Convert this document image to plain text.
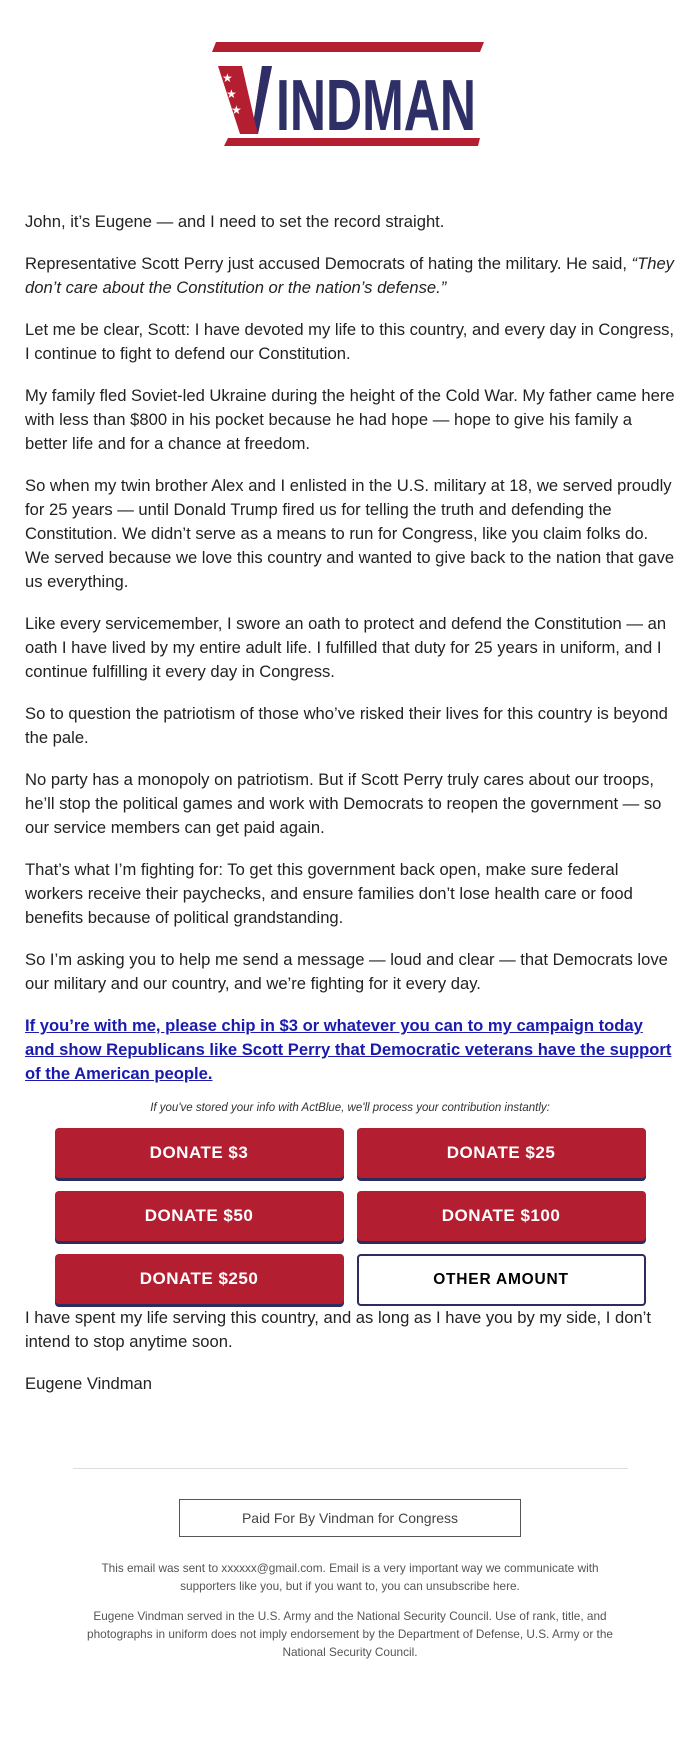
★
★
★ INDMAN

John, it’s Eugene — and I need to set the record straight.

Representative Scott Perry just accused Democrats of hating the military. He said, “They don’t care about the Constitution or the nation’s defense.”

Let me be clear, Scott: I have devoted my life to this country, and every day in Congress, I continue to fight to defend our Constitution.

My family fled Soviet-led Ukraine during the height of the Cold War. My father came here with less than $800 in his pocket because he had hope — hope to give his family a better life and for a chance at freedom.

So when my twin brother Alex and I enlisted in the U.S. military at 18, we served proudly for 25 years — until Donald Trump fired us for telling the truth and defending the Constitution. We didn’t serve as a means to run for Congress, like you claim folks do. We served because we love this country and wanted to give back to the nation that gave us everything.

Like every servicemember, I swore an oath to protect and defend the Constitution — an oath I have lived by my entire adult life. I fulfilled that duty for 25 years in uniform, and I continue fulfilling it every day in Congress.

So to question the patriotism of those who’ve risked their lives for this country is beyond the pale.

No party has a monopoly on patriotism. But if Scott Perry truly cares about our troops, he’ll stop the political games and work with Democrats to reopen the government — so our service members can get paid again.

That’s what I’m fighting for: To get this government back open, make sure federal workers receive their paychecks, and ensure families don’t lose health care or food benefits because of political grandstanding.

So I’m asking you to help me send a message — loud and clear — that Democrats love our military and our country, and we’re fighting for it every day.

If you’re with me, please chip in $3 or whatever you can to my campaign today and show Republicans like Scott Perry that Democratic veterans have the support of the American people.
If you've stored your info with ActBlue, we'll process your contribution instantly:
DONATE $3	DONATE $25
DONATE $50	DONATE $100
DONATE $250	OTHER AMOUNT

I have spent my life serving this country, and as long as I have you by my side, I don’t intend to stop anytime soon.

Eugene Vindman

Paid For By Vindman for Congress
This email was sent to xxxxxx@gmail.com. Email is a very important way we communicate with supporters like you, but if you want to, you can unsubscribe here.
Eugene Vindman served in the U.S. Army and the National Security Council. Use of rank, title, and photographs in uniform does not imply endorsement by the Department of Defense, U.S. Army or the National Security Council.
